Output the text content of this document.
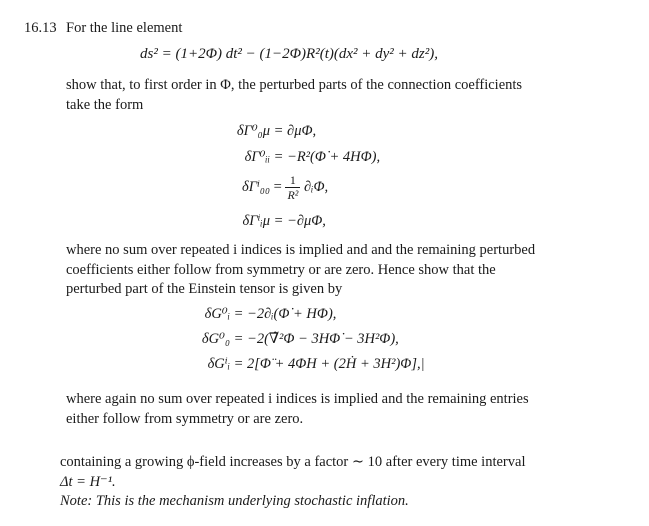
16.13 For the line element
ds² = (1+2Φ) dt² − (1−2Φ)R²(t)(dx² + dy² + dz²),
show that, to first order in Φ, the perturbed parts of the connection coefficients
take the form
δΓ⁰₀μ = ∂μΦ,
δΓ⁰ᵢᵢ = −R²(Φ̇ + 4HΦ),
$\delta\Gamma^i_{00} = \frac{1}{\text{R²}}$ ∂ᵢΦ,
δΓⁱᵢμ = −∂μΦ,
where no sum over repeated i indices is implied and and the remaining perturbed
coefficients either follow from symmetry or are zero. Hence show that the
perturbed part of the Einstein tensor is given by
δG⁰ᵢ = −2∂ᵢ(Φ̇ + HΦ),
δG⁰₀ = −2(∇̃²Φ − 3HΦ̇ − 3H²Φ),
δGⁱᵢ = 2[Φ̈ + 4Φ̇H + (2Ḣ + 3H²)Φ],|
where again no sum over repeated i indices is implied and the remaining entries
either follow from symmetry or are zero.
containing a growing ϕ-field increases by a factor ∼ 10 after every time interval
Δt = H⁻¹.
Note: This is the mechanism underlying stochastic inflation.
